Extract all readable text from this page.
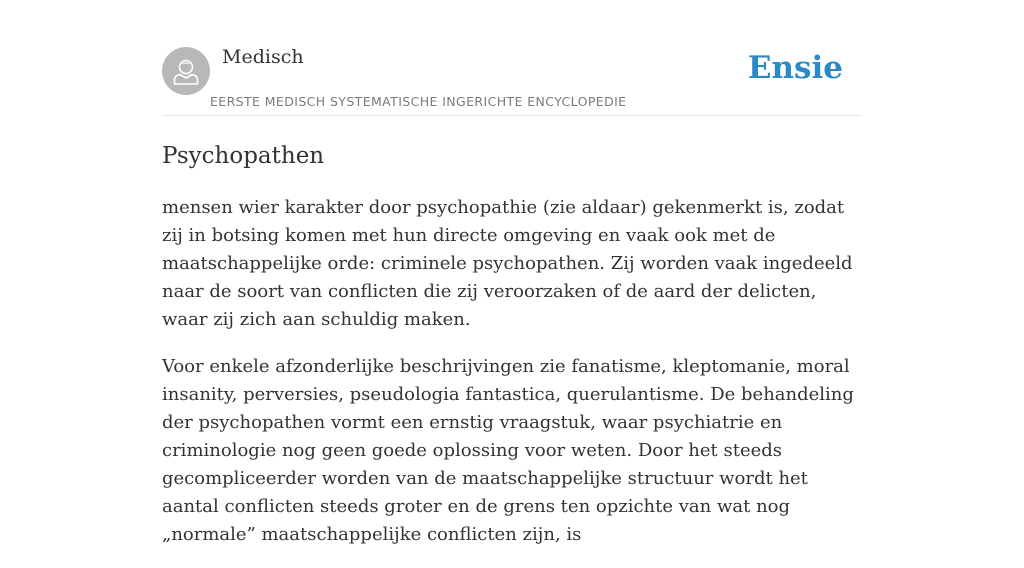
Medisch
EERSTE MEDISCH SYSTEMATISCHE INGERICHTE ENCYCLOPEDIE
Ensie
Psychopathen

mensen wier karakter door psychopathie (zie aldaar) gekenmerkt is, zodat zij in botsing komen met hun directe omgeving en vaak ook met de maatschappelijke orde: criminele psychopathen. Zij worden vaak ingedeeld naar de soort van conflicten die zij veroorzaken of de aard der delicten, waar zij zich aan schuldig maken.

Voor enkele afzonderlijke beschrijvingen zie fanatisme, kleptomanie, moral insanity, perversies, pseudologia fantastica, querulantisme. De behandeling der psychopathen vormt een ernstig vraagstuk, waar psychiatrie en criminologie nog geen goede oplossing voor weten. Door het steeds gecompliceerder worden van de maatschappelijke structuur wordt het aantal conflicten steeds groter en de grens ten opzichte van wat nog „normale” maatschappelijke conflicten zijn, is
